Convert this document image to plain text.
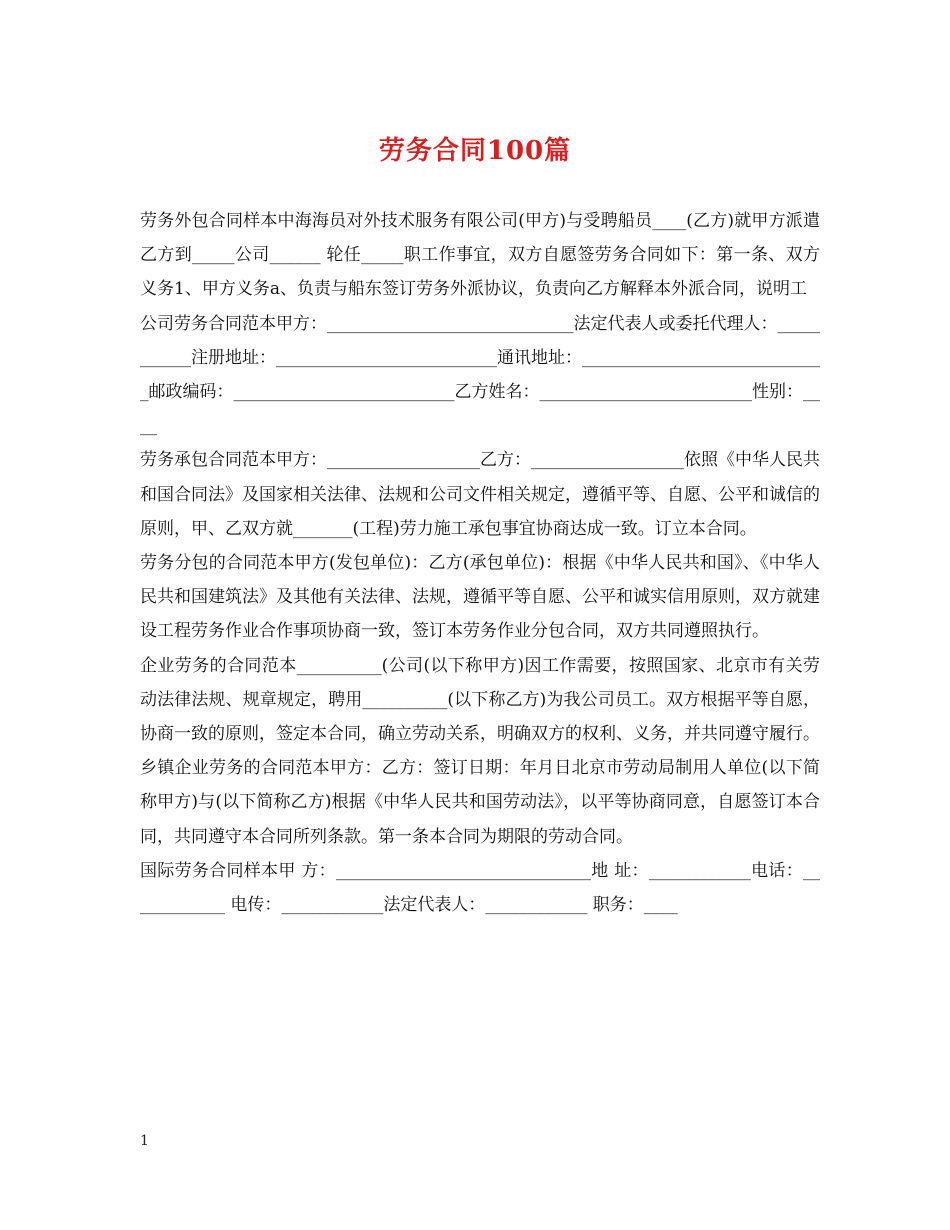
劳务合同100篇

劳务外包合同样本中海海员对外技术服务有限公司(甲方)与受聘船员____(乙方)就甲方派遣乙方到_____公司______ 轮任_____职工作事宜，双方自愿签劳务合同如下：第一条、双方义务1、甲方义务a、负责与船东签订劳务外派协议，负责向乙方解释本外派合同，说明工

公司劳务合同范本甲方：_____________________________法定代表人或委托代理人：___________注册地址：__________________________通讯地址：_____________________________邮政编码：__________________________乙方姓名：_________________________性别：____

劳务承包合同范本甲方：__________________乙方：__________________依照《中华人民共和国合同法》及国家相关法律、法规和公司文件相关规定，遵循平等、自愿、公平和诚信的原则，甲、乙双方就_______(工程)劳力施工承包事宜协商达成一致。订立本合同。

劳务分包的合同范本甲方(发包单位)：乙方(承包单位)：根据《中华人民共和国》、《中华人民共和国建筑法》及其他有关法律、法规，遵循平等自愿、公平和诚实信用原则，双方就建设工程劳务作业合作事项协商一致，签订本劳务作业分包合同，双方共同遵照执行。

企业劳务的合同范本__________(公司(以下称甲方)因工作需要，按照国家、北京市有关劳动法律法规、规章规定，聘用__________(以下称乙方)为我公司员工。双方根据平等自愿，协商一致的原则，签定本合同，确立劳动关系，明确双方的权利、义务，并共同遵守履行。

乡镇企业劳务的合同范本甲方：乙方：签订日期：年月日北京市劳动局制用人单位(以下简称甲方)与(以下简称乙方)根据《中华人民共和国劳动法》，以平等协商同意，自愿签订本合同，共同遵守本合同所列条款。第一条本合同为期限的劳动合同。

国际劳务合同样本甲 方：______________________________地 址：____________电话：____________ 电传：____________法定代表人：____________ 职务：____

1
